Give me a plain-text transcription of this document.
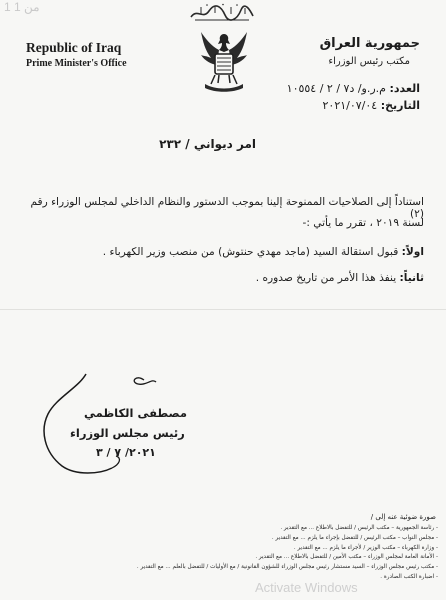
1 من 1
Republic of Iraq
Prime Minister's Office
جمهورية العراق
مكتب رئيس الوزراء
العدد: م.ر.و/ د٧ / ٢ / ١٠٥٥٤
التاريخ: ٢٠٢١/٠٧/٠٤
امر ديواني / ٢٣٢
استناداً إلى الصلاحيات الممنوحة إلينا بموجب الدستور والنظام الداخلي لمجلس الوزراء رقم (٢)
لسنة ٢٠١٩ ، تقرر ما يأتي :-
اولاً: قبول استقالة السيد (ماجد مهدي حنتوش) من منصب وزير الكهرباء .
ثانياً: ينفذ هذا الأمر من تاريخ صدوره .
مصطفى الكاظمي
رئيس مجلس الوزراء
٢٠٢١/ ٧ / ٣
صورة ضوئية عنه إلى /
- رئاسة الجمهورية – مكتب الرئيس / للتفضل بالاطلاع ... مع التقدير .
- مجلس النواب – مكتب الرئيس / للتفضل بإجراء ما يلزم ... مع التقدير .
- وزارة الكهرباء – مكتب الوزير / لأجراء ما يلزم ... مع التقدير .
- الأمانة العامة لمجلس الوزراء – مكتب الأمين / للتفضل بالاطلاع ... مع التقدير .
- مكتب رئيس مجلس الوزراء – السيد مستشار رئيس مجلس الوزراء للشؤون القانونية / مع الأوليات / للتفضل بالعلم ... مع التقدير .
- اضبارة الكتب الصادرة .
Activate Windows
